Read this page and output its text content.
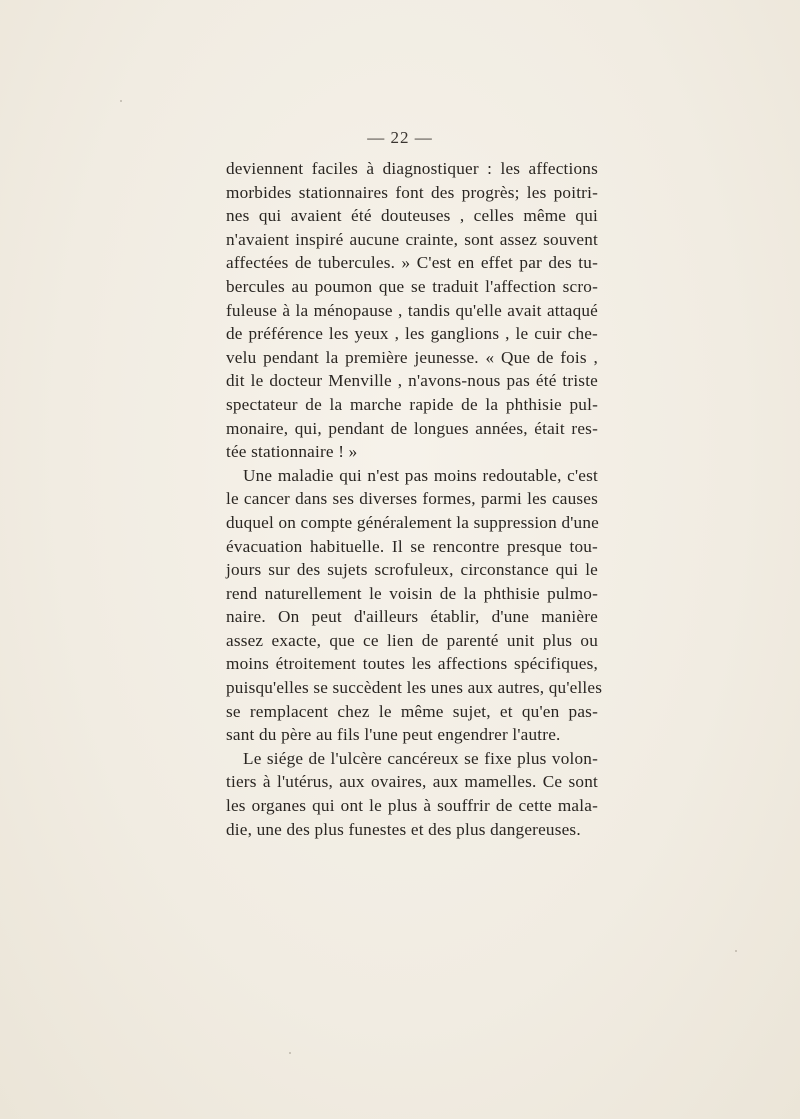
— 22 —
deviennent faciles à diagnostiquer : les affections
morbides stationnaires font des progrès; les poitri-
nes qui avaient été douteuses , celles même qui
n'avaient inspiré aucune crainte, sont assez souvent
affectées de tubercules. » C'est en effet par des tu-
bercules au poumon que se traduit l'affection scro-
fuleuse à la ménopause , tandis qu'elle avait attaqué
de préférence les yeux , les ganglions , le cuir che-
velu pendant la première jeunesse. « Que de fois ,
dit le docteur Menville , n'avons-nous pas été triste
spectateur de la marche rapide de la phthisie pul-
monaire, qui, pendant de longues années, était res-
tée stationnaire ! »
Une maladie qui n'est pas moins redoutable, c'est
le cancer dans ses diverses formes, parmi les causes
duquel on compte généralement la suppression d'une
évacuation habituelle. Il se rencontre presque tou-
jours sur des sujets scrofuleux, circonstance qui le
rend naturellement le voisin de la phthisie pulmo-
naire. On peut d'ailleurs établir, d'une manière
assez exacte, que ce lien de parenté unit plus ou
moins étroitement toutes les affections spécifiques,
puisqu'elles se succèdent les unes aux autres, qu'elles
se remplacent chez le même sujet, et qu'en pas-
sant du père au fils l'une peut engendrer l'autre.
Le siége de l'ulcère cancéreux se fixe plus volon-
tiers à l'utérus, aux ovaires, aux mamelles. Ce sont
les organes qui ont le plus à souffrir de cette mala-
die, une des plus funestes et des plus dangereuses.
